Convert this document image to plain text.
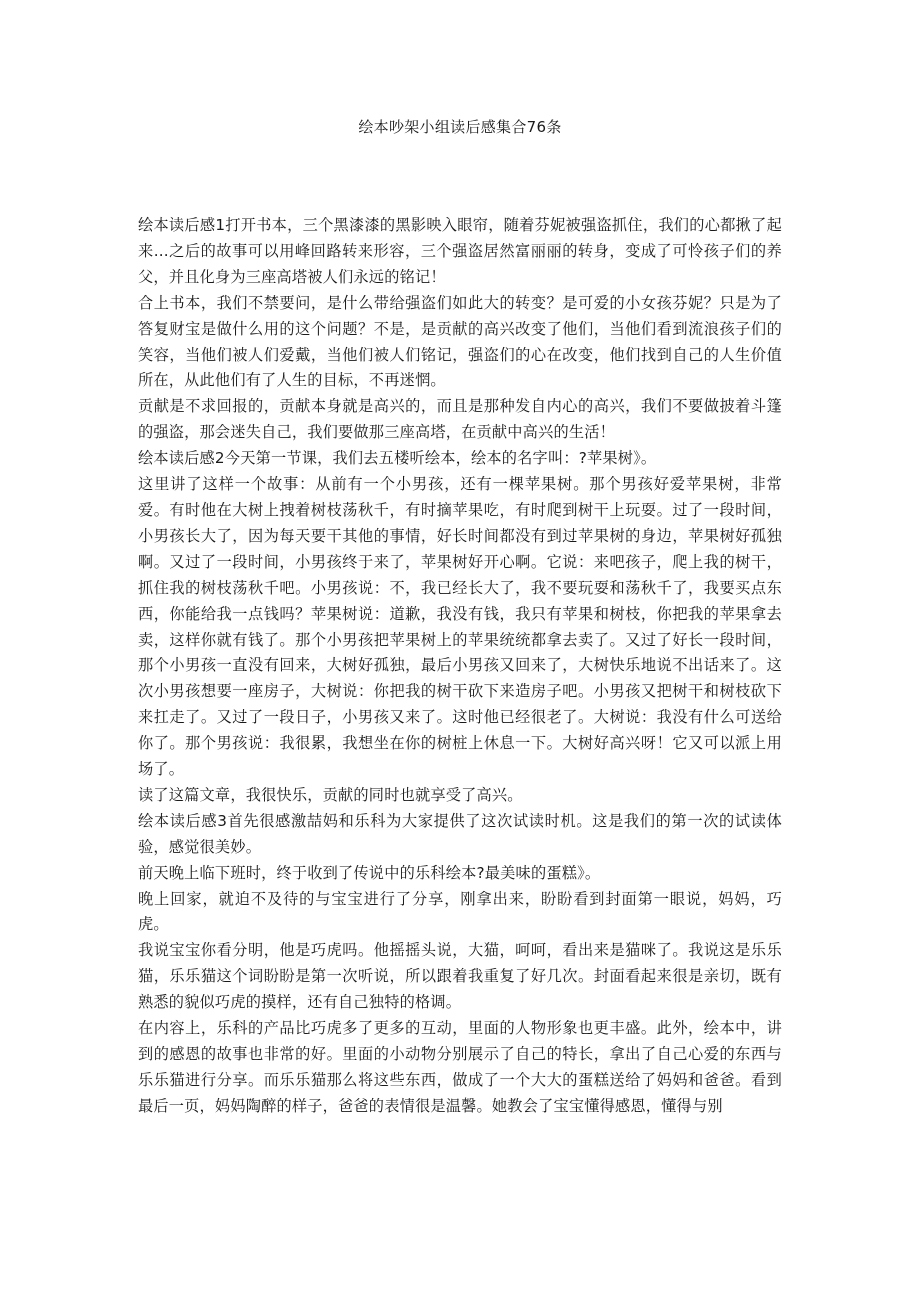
绘本吵架小组读后感集合76条

绘本读后感1打开书本，三个黑漆漆的黑影映入眼帘，随着芬妮被强盗抓住，我们的心都揪了起来...之后的故事可以用峰回路转来形容，三个强盗居然富丽丽的转身，变成了可怜孩子们的养父，并且化身为三座高塔被人们永远的铭记！

合上书本，我们不禁要问，是什么带给强盗们如此大的转变？是可爱的小女孩芬妮？只是为了答复财宝是做什么用的这个问题？不是，是贡献的高兴改变了他们，当他们看到流浪孩子们的笑容，当他们被人们爱戴，当他们被人们铭记，强盗们的心在改变，他们找到自己的人生价值所在，从此他们有了人生的目标，不再迷惘。

贡献是不求回报的，贡献本身就是高兴的，而且是那种发自内心的高兴，我们不要做披着斗篷的强盗，那会迷失自己，我们要做那三座高塔，在贡献中高兴的生活！

绘本读后感2今天第一节课，我们去五楼听绘本，绘本的名字叫：?苹果树》。

这里讲了这样一个故事：从前有一个小男孩，还有一棵苹果树。那个男孩好爱苹果树，非常爱。有时他在大树上拽着树枝荡秋千，有时摘苹果吃，有时爬到树干上玩耍。过了一段时间，小男孩长大了，因为每天要干其他的事情，好长时间都没有到过苹果树的身边，苹果树好孤独啊。又过了一段时间，小男孩终于来了，苹果树好开心啊。它说：来吧孩子，爬上我的树干，抓住我的树枝荡秋千吧。小男孩说：不，我已经长大了，我不要玩耍和荡秋千了，我要买点东西，你能给我一点钱吗？苹果树说：道歉，我没有钱，我只有苹果和树枝，你把我的苹果拿去卖，这样你就有钱了。那个小男孩把苹果树上的苹果统统都拿去卖了。又过了好长一段时间，那个小男孩一直没有回来，大树好孤独，最后小男孩又回来了，大树快乐地说不出话来了。这次小男孩想要一座房子，大树说：你把我的树干砍下来造房子吧。小男孩又把树干和树枝砍下来扛走了。又过了一段日子，小男孩又来了。这时他已经很老了。大树说：我没有什么可送给你了。那个男孩说：我很累，我想坐在你的树桩上休息一下。大树好高兴呀！它又可以派上用场了。

读了这篇文章，我很快乐，贡献的同时也就享受了高兴。

绘本读后感3首先很感激喆妈和乐科为大家提供了这次试读时机。这是我们的第一次的试读体验，感觉很美妙。

前天晚上临下班时，终于收到了传说中的乐科绘本?最美味的蛋糕》。

晚上回家，就迫不及待的与宝宝进行了分享，刚拿出来，盼盼看到封面第一眼说，妈妈，巧虎。

我说宝宝你看分明，他是巧虎吗。他摇摇头说，大猫，呵呵，看出来是猫咪了。我说这是乐乐猫，乐乐猫这个词盼盼是第一次听说，所以跟着我重复了好几次。封面看起来很是亲切，既有熟悉的貌似巧虎的摸样，还有自己独特的格调。

在内容上，乐科的产品比巧虎多了更多的互动，里面的人物形象也更丰盛。此外，绘本中，讲到的感恩的故事也非常的好。里面的小动物分别展示了自己的特长，拿出了自己心爱的东西与乐乐猫进行分享。而乐乐猫那么将这些东西，做成了一个大大的蛋糕送给了妈妈和爸爸。看到最后一页，妈妈陶醉的样子，爸爸的表情很是温馨。她教会了宝宝懂得感恩，懂得与别
